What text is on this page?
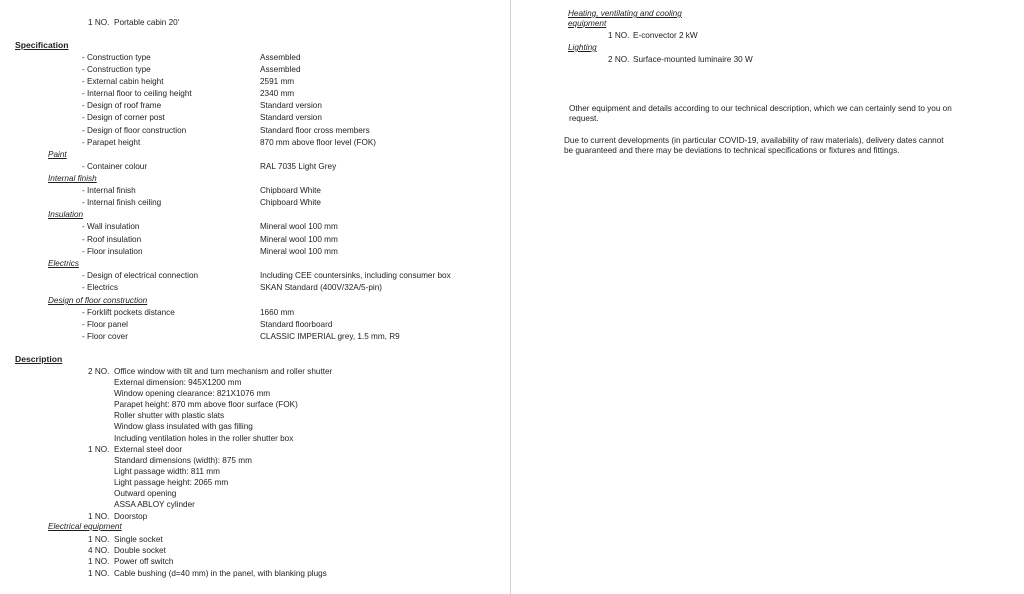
1 NO. Portable cabin 20'
Specification
- Construction type	Assembled
- Construction type	Assembled
- External cabin height	2591 mm
- Internal floor to ceiling height	2340 mm
- Design of roof frame	Standard version
- Design of corner post	Standard version
- Design of floor construction	Standard floor cross members
- Parapet height	870 mm above floor level (FOK)
Paint
- Container colour	RAL 7035 Light Grey
Internal finish
- Internal finish	Chipboard White
- Internal finish ceiling	Chipboard White
Insulation
- Wall insulation	Mineral wool 100 mm
- Roof insulation	Mineral wool 100 mm
- Floor insulation	Mineral wool 100 mm
Electrics
- Design of electrical connection	Including CEE countersinks, including consumer box
- Electrics	SKAN Standard (400V/32A/5-pin)
Design of floor construction
- Forklift pockets distance	1660 mm
- Floor panel	Standard floorboard
- Floor cover	CLASSIC IMPERIAL grey, 1.5 mm, R9
Description
2 NO. Office window with tilt and turn mechanism and roller shutter
External dimension: 945X1200 mm
Window opening clearance: 821X1076 mm
Parapet height: 870 mm above floor surface (FOK)
Roller shutter with plastic slats
Window glass insulated with gas filling
Including ventilation holes in the roller shutter box
1 NO. External steel door
Standard dimensions (width): 875 mm
Light passage width: 811 mm
Light passage height: 2065 mm
Outward opening
ASSA ABLOY cylinder
1 NO. Doorstop
Electrical equipment
1 NO. Single socket
4 NO. Double socket
1 NO. Power off switch
1 NO. Cable bushing (d=40 mm) in the panel, with blanking plugs
Heating, ventilating and cooling
equipment
1 NO. E-convector 2 kW
Lighting
2 NO. Surface-mounted luminaire 30 W
Other equipment and details according to our technical description, which we can certainly send to you on request.
Due to current developments (in particular COVID-19, availability of raw materials), delivery dates cannot be guaranteed and there may be deviations to technical specifications or fixtures and fittings.
